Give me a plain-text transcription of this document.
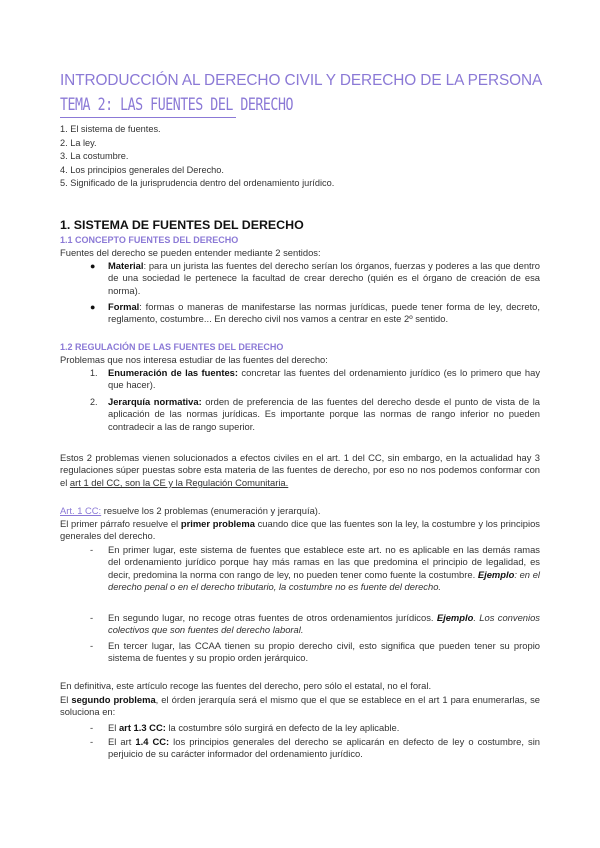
INTRODUCCIÓN AL DERECHO CIVIL Y DERECHO DE LA PERSONA
TEMA 2: LAS FUENTES DEL DERECHO
1. El sistema de fuentes.
2. La ley.
3. La costumbre.
4. Los principios generales del Derecho.
5. Significado de la jurisprudencia dentro del ordenamiento jurídico.
1. SISTEMA DE FUENTES DEL DERECHO
1.1 CONCEPTO FUENTES DEL DERECHO
Fuentes del derecho se pueden entender mediante 2 sentidos:
● Material: para un jurista las fuentes del derecho serían los órganos, fuerzas y poderes a las que dentro de una sociedad le pertenece la facultad de crear derecho (quién es el órgano de creación de esa norma).
● Formal: formas o maneras de manifestarse las normas jurídicas, puede tener forma de ley, decreto, reglamento, costumbre... En derecho civil nos vamos a centrar en este 2º sentido.
1.2 REGULACIÓN DE LAS FUENTES DEL DERECHO
Problemas que nos interesa estudiar de las fuentes del derecho:
1. Enumeración de las fuentes: concretar las fuentes del ordenamiento jurídico (es lo primero que hay que hacer).
2. Jerarquía normativa: orden de preferencia de las fuentes del derecho desde el punto de vista de la aplicación de las normas jurídicas. Es importante porque las normas de rango inferior no pueden contradecir a las de rango superior.
Estos 2 problemas vienen solucionados a efectos civiles en el art. 1 del CC, sin embargo, en la actualidad hay 3 regulaciones súper puestas sobre esta materia de las fuentes de derecho, por eso no nos podemos conformar con el art 1 del CC, son la CE y la Regulación Comunitaria.
Art. 1 CC: resuelve los 2 problemas (enumeración y jerarquía).
El primer párrafo resuelve el primer problema cuando dice que las fuentes son la ley, la costumbre y los principios generales del derecho.
- En primer lugar, este sistema de fuentes que establece este art. no es aplicable en las demás ramas del ordenamiento jurídico porque hay más ramas en las que predomina el principio de legalidad, es decir, predomina la norma con rango de ley, no pueden tener como fuente la costumbre. Ejemplo: en el derecho penal o en el derecho tributario, la costumbre no es fuente del derecho.
- En segundo lugar, no recoge otras fuentes de otros ordenamientos jurídicos. Ejemplo. Los convenios colectivos que son fuentes del derecho laboral.
- En tercer lugar, las CCAA tienen su propio derecho civil, esto significa que pueden tener su propio sistema de fuentes y su propio orden jerárquico.
En definitiva, este artículo recoge las fuentes del derecho, pero sólo el estatal, no el foral.
El segundo problema, el órden jerarquía será el mismo que el que se establece en el art 1 para enumerarlas, se soluciona en:
- El art 1.3 CC: la costumbre sólo surgirá en defecto de la ley aplicable.
- El art 1.4 CC: los principios generales del derecho se aplicarán en defecto de ley o costumbre, sin perjuicio de su carácter informador del ordenamiento jurídico.
